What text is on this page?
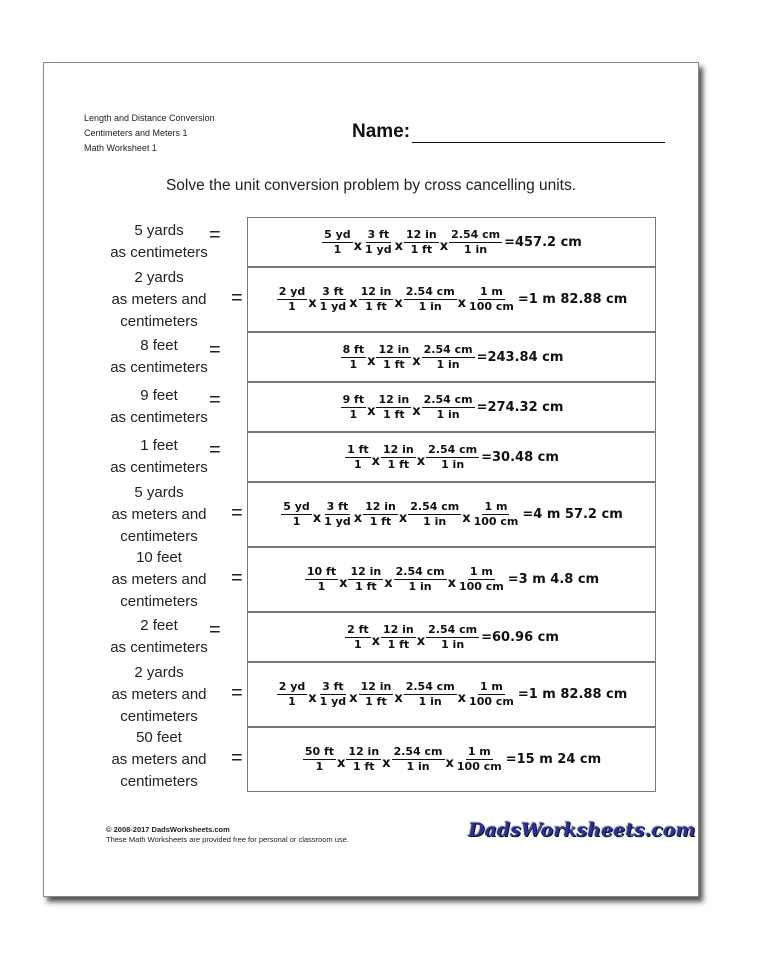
Length and Distance Conversion
Centimeters and Meters 1
Math Worksheet 1
Name:
Solve the unit conversion problem by cross cancelling units.
5 yards
as centimeters
=	$\frac{5 yd}{1}$ x $\frac{3 ft}{1 yd}$ x $\frac{12 in}{1 ft}$ x $\frac{2.54 cm}{1 in} =457.2$ cm
2 yards
as meters and
centimeters
=	$\frac{2 yd}{1}$ x $\frac{3 ft}{1 yd}$ x $\frac{12 in}{1 ft}$ x $\frac{2.54 cm}{1 in}$ x $\frac{1 m}{100 cm} =1$ m 82.88 cm
8 feet
as centimeters
=	$\frac{8 ft}{1}$ x $\frac{12 in}{1 ft}$ x $\frac{2.54 cm}{1 in} =243.84$ cm
9 feet
as centimeters
=	$\frac{9 ft}{1}$ x $\frac{12 in}{1 ft}$ x $\frac{2.54 cm}{1 in} =274.32$ cm
1 feet
as centimeters
=	$\frac{1 ft}{1}$ x $\frac{12 in}{1 ft}$ x $\frac{2.54 cm}{1 in} =30.48$ cm
5 yards
as meters and
centimeters
=	$\frac{5 yd}{1}$ x $\frac{3 ft}{1 yd}$ x $\frac{12 in}{1 ft}$ x $\frac{2.54 cm}{1 in}$ x $\frac{1 m}{100 cm} =4$ m 57.2 cm
10 feet
as meters and
centimeters
=	$\frac{10 ft}{1}$ x $\frac{12 in}{1 ft}$ x $\frac{2.54 cm}{1 in}$ x $\frac{1 m}{100 cm} =3$ m 4.8 cm
2 feet
as centimeters
=	$\frac{2 ft}{1}$ x $\frac{12 in}{1 ft}$ x $\frac{2.54 cm}{1 in} =60.96$ cm
2 yards
as meters and
centimeters
=	$\frac{2 yd}{1}$ x $\frac{3 ft}{1 yd}$ x $\frac{12 in}{1 ft}$ x $\frac{2.54 cm}{1 in}$ x $\frac{1 m}{100 cm} =1$ m 82.88 cm
50 feet
as meters and
centimeters
=	$\frac{50 ft}{1}$ x $\frac{12 in}{1 ft}$ x $\frac{2.54 cm}{1 in}$ x $\frac{1 m}{100 cm} =15$ m 24 cm
© 2008-2017 DadsWorksheets.com
These Math Worksheets are provided free for personal or classroom use.	DadsWorksheets.com
